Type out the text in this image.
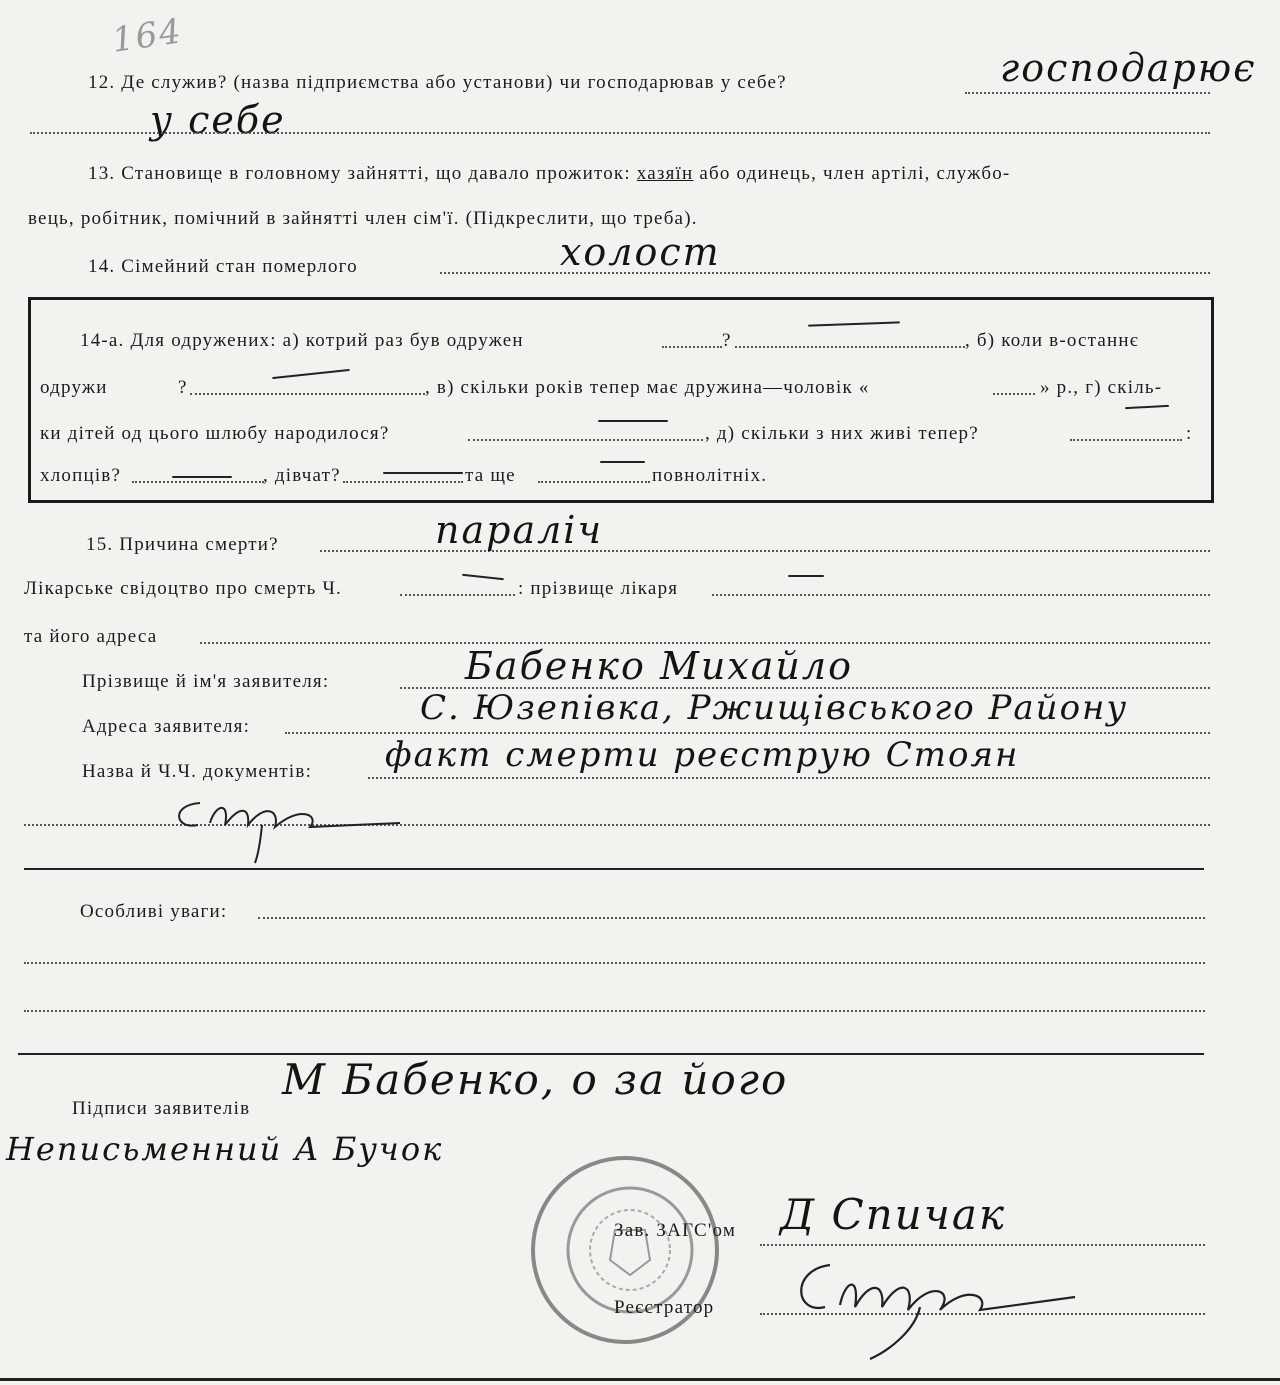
164
12. Де служив? (назва підприємства або установи) чи господарював у себе?	господарює
у себе
13. Становище в головному зайнятті, що давало прожиток: хазяїн або одинець, член артілі, службо-
вець, робітник, помічний в зайнятті член сім'ї. (Підкреслити, що треба).
14. Сімейний стан померлого	холост
14-а. Для одружених: а) котрий раз був одружен	?	, б) коли в-останнє
одружи	?	, в) скільки років тепер має дружина—чоловік «	» р., г) скіль-
ки дітей од цього шлюбу народилося?	, д) скільки з них живі тепер?	:
хлопців?	, дівчат?	та ще	повнолітніх.
15. Причина смерти?	параліч
Лікарське свідоцтво про смерть Ч.	: прізвище лікаря
та його адреса
Прізвище й ім'я заявителя:	Бабенко Михайло
Адреса заявителя:	С. Юзепівка, Ржищівського Району
Назва й Ч.Ч. документів: факт смерти реєструю Стоян
Особливі уваги:
Підписи заявителів
М Бабенко, о за його
Неписьменний А Бучок
Зав. ЗАГС'ом Д Спичак
Реєстратор
